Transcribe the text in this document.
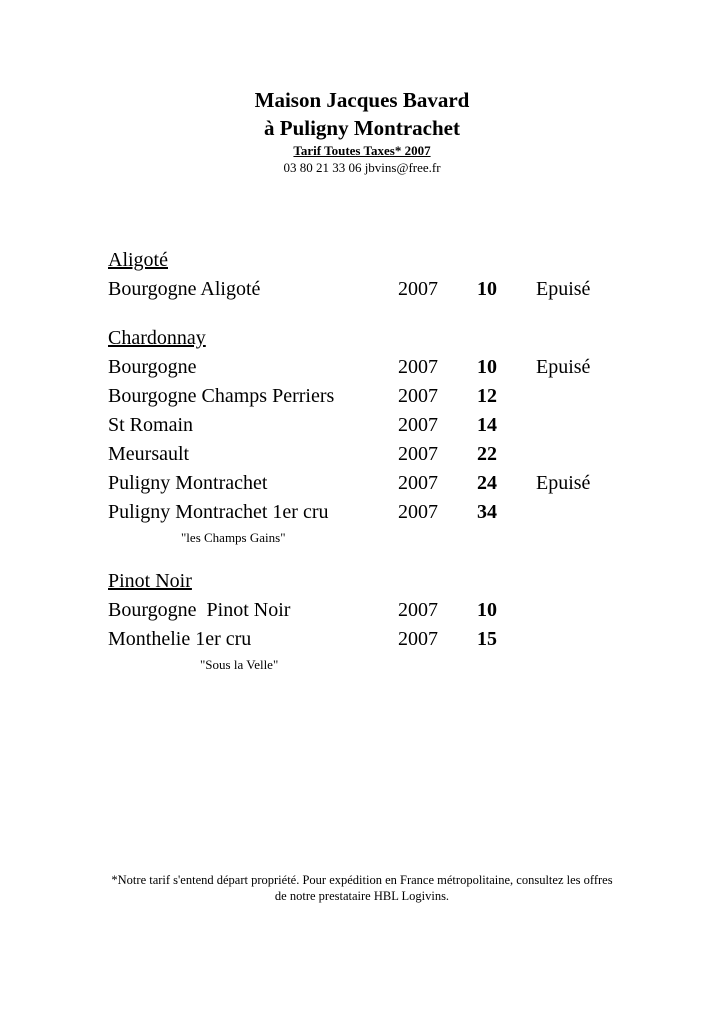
Maison Jacques Bavard
à Puligny Montrachet
Tarif Toutes Taxes* 2007
03 80 21 33 06 jbvins@free.fr
Aligoté
Bourgogne Aligoté	2007 10 Epuisé
Chardonnay
Bourgogne	2007 10 Epuisé
Bourgogne Champs Perriers	2007 12
St Romain	2007 14
Meursault	2007 22
Puligny Montrachet	2007 24 Epuisé
Puligny Montrachet 1er cru	2007 34
"les Champs Gains"
Pinot Noir
Bourgogne  Pinot Noir	2007 10
Monthelie 1er cru	2007 15
"Sous la Velle"
*Notre tarif s'entend départ propriété. Pour expédition en France métropolitaine, consultez les offres
de notre prestataire HBL Logivins.
